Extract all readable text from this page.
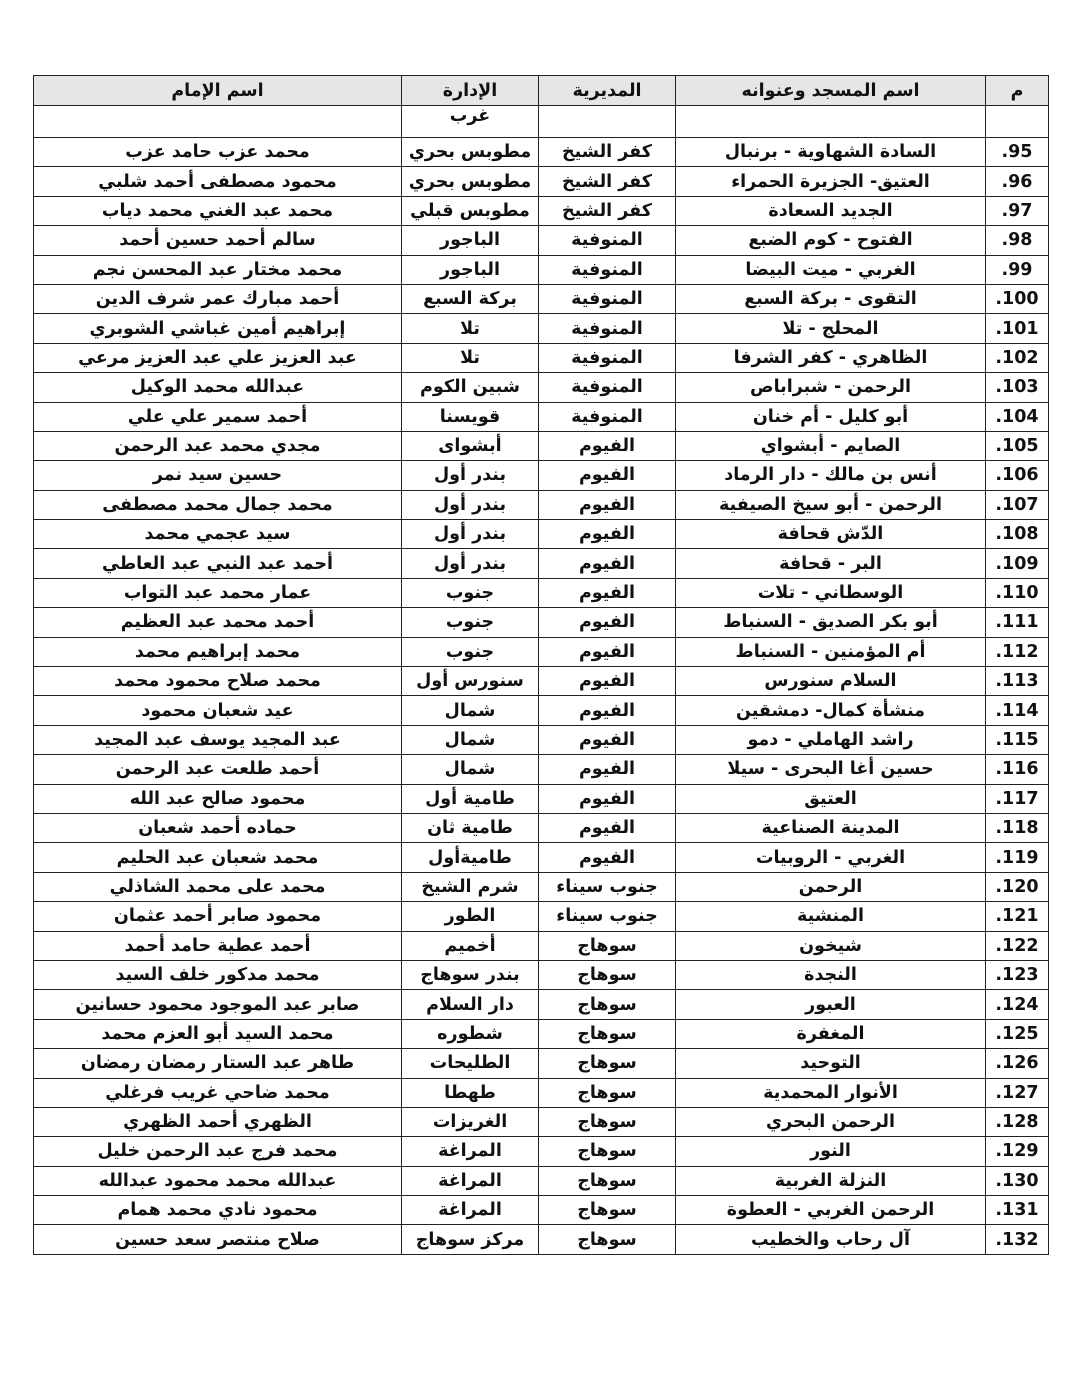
م	اسم المسجد وعنوانه	المديرية	الإدارة	اسم الإمام
			غرب	
.95	السادة الشهاوية - برنبال	كفر الشيخ	مطوبس بحري	محمد عزب حامد عزب
.96	العتيق- الجزيرة الحمراء	كفر الشيخ	مطوبس بحري	محمود مصطفى أحمد شلبي
.97	الجديد السعادة	كفر الشيخ	مطوبس قبلي	محمد عبد الغني محمد دياب
.98	الفتوح - كوم الضبع	المنوفية	الباجور	سالم أحمد حسين أحمد
.99	الغربي - ميت البيضا	المنوفية	الباجور	محمد مختار عبد المحسن نجم
.100	التقوى - بركة السبع	المنوفية	بركة السبع	أحمد مبارك عمر شرف الدين
.101	المحلج - تلا	المنوفية	تلا	إبراهيم أمين غباشي الشوبري
.102	الظاهري - كفر الشرفا	المنوفية	تلا	عبد العزيز علي عبد العزيز مرعي
.103	الرحمن - شبراباص	المنوفية	شبين الكوم	عبدالله محمد الوكيل
.104	أبو كليل - أم خنان	المنوفية	قويسنا	أحمد سمير علي علي
.105	الصايم - أبشواي	الفيوم	أبشواى	مجدي محمد عبد الرحمن
.106	أنس بن مالك - دار الرماد	الفيوم	بندر أول	حسين سيد نمر
.107	الرحمن - أبو سيخ الصيفية	الفيوم	بندر أول	محمد جمال محمد مصطفى
.108	الدّش قحافة	الفيوم	بندر أول	سيد عجمي محمد
.109	البر - قحافة	الفيوم	بندر أول	أحمد عبد النبي عبد العاطي
.110	الوسطاني - تلات	الفيوم	جنوب	عمار محمد عبد التواب
.111	أبو بكر الصديق - السنباط	الفيوم	جنوب	أحمد محمد عبد العظيم
.112	أم المؤمنين - السنباط	الفيوم	جنوب	محمد إبراهيم محمد
.113	السلام سنورس	الفيوم	سنورس أول	محمد صلاح محمود محمد
.114	منشأة كمال- دمشقين	الفيوم	شمال	عيد شعبان محمود
.115	راشد الهاملي - دمو	الفيوم	شمال	عبد المجيد يوسف عبد المجيد
.116	حسين أغا البحرى - سيلا	الفيوم	شمال	أحمد طلعت عبد الرحمن
.117	العتيق	الفيوم	طامية أول	محمود صالح عبد الله
.118	المدينة الصناعية	الفيوم	طامية ثان	حماده أحمد شعبان
.119	الغربي - الروبيات	الفيوم	طاميةأول	محمد شعبان عبد الحليم
.120	الرحمن	جنوب سيناء	شرم الشيخ	محمد على محمد الشاذلي
.121	المنشية	جنوب سيناء	الطور	محمود صابر أحمد عثمان
.122	شيخون	سوهاج	أخميم	أحمد عطية حامد أحمد
.123	النجدة	سوهاج	بندر سوهاج	محمد مدكور خلف السيد
.124	العبور	سوهاج	دار السلام	صابر عبد الموجود محمود حسانين
.125	المغفرة	سوهاج	شطوره	محمد السيد أبو العزم محمد
.126	التوحيد	سوهاج	الطليحات	طاهر عبد الستار رمضان رمضان
.127	الأنوار المحمدية	سوهاج	طهطا	محمد ضاحي غريب فرغلي
.128	الرحمن البحري	سوهاج	الغريزات	الظهري أحمد الظهري
.129	النور	سوهاج	المراغة	محمد فرج عبد الرحمن خليل
.130	النزلة الغربية	سوهاج	المراغة	عبدالله محمد محمود عبدالله
.131	الرحمن الغربي - العطوة	سوهاج	المراغة	محمود نادي محمد همام
.132	آل رحاب والخطيب	سوهاج	مركز سوهاج	صلاح منتصر سعد حسين
